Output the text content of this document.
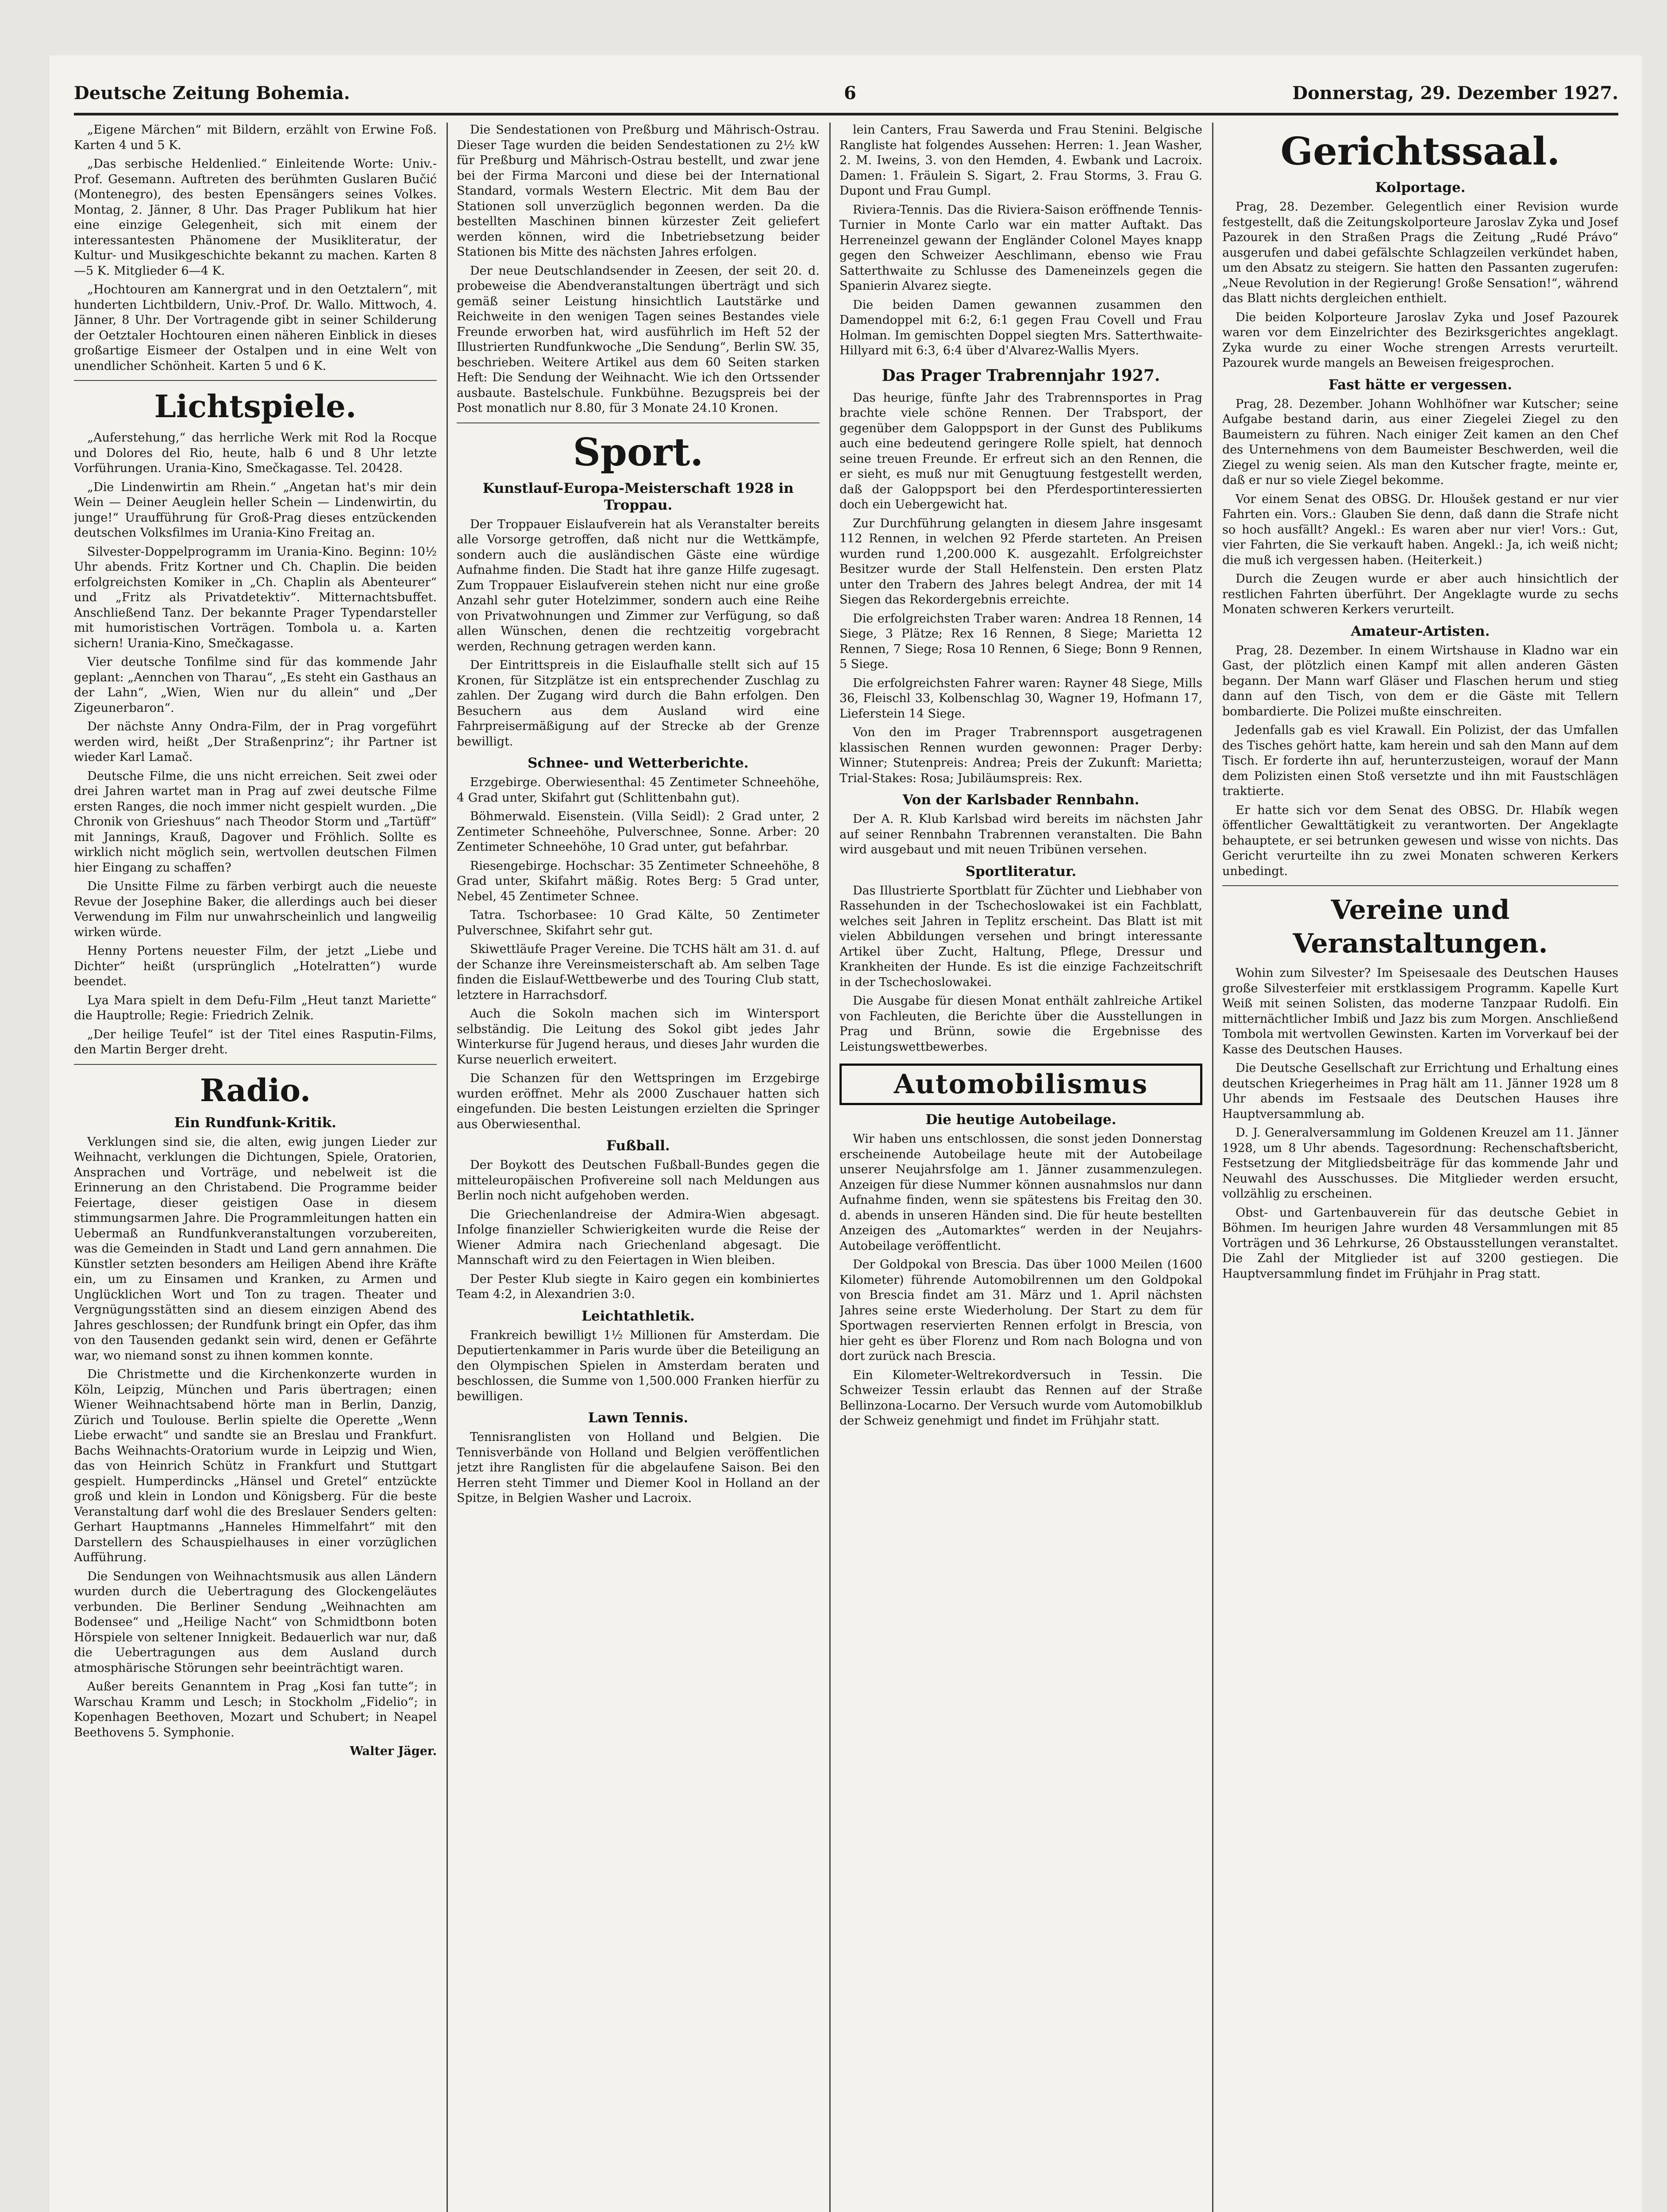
Deutsche Zeitung Bohemia.	6	Donnerstag, 29. Dezember 1927.

„Eigene Märchen“ mit Bildern, erzählt von Erwine Foß. Karten 4 und 5 K.

„Das serbische Heldenlied.“ Einleitende Worte: Univ.-Prof. Gesemann. Auftreten des berühmten Guslaren Bučić (Montenegro), des besten Epensängers seines Volkes. Montag, 2. Jänner, 8 Uhr. Das Prager Publikum hat hier eine einzige Gelegenheit, sich mit einem der interessantesten Phänomene der Musikliteratur, der Kultur- und Musikgeschichte bekannt zu machen. Karten 8—5 K. Mitglieder 6—4 K.

„Hochtouren am Kannergrat und in den Oetztalern“, mit hunderten Lichtbildern, Univ.-Prof. Dr. Wallo. Mittwoch, 4. Jänner, 8 Uhr. Der Vortragende gibt in seiner Schilderung der Oetztaler Hochtouren einen näheren Einblick in dieses großartige Eismeer der Ostalpen und in eine Welt von unendlicher Schönheit. Karten 5 und 6 K.

Lichtspiele.

„Auferstehung,“ das herrliche Werk mit Rod la Rocque und Dolores del Rio, heute, halb 6 und 8 Uhr letzte Vorführungen. Urania-Kino, Smečkagasse. Tel. 20428.

„Die Lindenwirtin am Rhein.“ „Angetan hat's mir dein Wein — Deiner Aeuglein heller Schein — Lindenwirtin, du junge!“ Uraufführung für Groß-Prag dieses entzückenden deutschen Volksfilmes im Urania-Kino Freitag an.

Silvester-Doppelprogramm im Urania-Kino. Beginn: 10½ Uhr abends. Fritz Kortner und Ch. Chaplin. Die beiden erfolgreichsten Komiker in „Ch. Chaplin als Abenteurer“ und „Fritz als Privatdetektiv“. Mitternachtsbuffet. Anschließend Tanz. Der bekannte Prager Typendarsteller mit humoristischen Vorträgen. Tombola u. a. Karten sichern! Urania-Kino, Smečkagasse.

Vier deutsche Tonfilme sind für das kommende Jahr geplant: „Aennchen von Tharau“, „Es steht ein Gasthaus an der Lahn“, „Wien, Wien nur du allein“ und „Der Zigeunerbaron“.

Der nächste Anny Ondra-Film, der in Prag vorgeführt werden wird, heißt „Der Straßenprinz“; ihr Partner ist wieder Karl Lamač.

Deutsche Filme, die uns nicht erreichen. Seit zwei oder drei Jahren wartet man in Prag auf zwei deutsche Filme ersten Ranges, die noch immer nicht gespielt wurden. „Die Chronik von Grieshuus“ nach Theodor Storm und „Tartüff“ mit Jannings, Krauß, Dagover und Fröhlich. Sollte es wirklich nicht möglich sein, wertvollen deutschen Filmen hier Eingang zu schaffen?

Die Unsitte Filme zu färben verbirgt auch die neueste Revue der Josephine Baker, die allerdings auch bei dieser Verwendung im Film nur unwahrscheinlich und langweilig wirken würde.

Henny Portens neuester Film, der jetzt „Liebe und Dichter“ heißt (ursprünglich „Hotelratten“) wurde beendet.

Lya Mara spielt in dem Defu-Film „Heut tanzt Mariette“ die Hauptrolle; Regie: Friedrich Zelnik.

„Der heilige Teufel“ ist der Titel eines Rasputin-Films, den Martin Berger dreht.

Radio.
Ein Rundfunk-Kritik.

Verklungen sind sie, die alten, ewig jungen Lieder zur Weihnacht, verklungen die Dichtungen, Spiele, Oratorien, Ansprachen und Vorträge, und nebelweit ist die Erinnerung an den Christabend. Die Programme beider Feiertage, dieser geistigen Oase in diesem stimmungsarmen Jahre. Die Programmleitungen hatten ein Uebermaß an Rundfunkveranstaltungen vorzubereiten, was die Gemeinden in Stadt und Land gern annahmen. Die Künstler setzten besonders am Heiligen Abend ihre Kräfte ein, um zu Einsamen und Kranken, zu Armen und Unglücklichen Wort und Ton zu tragen. Theater und Vergnügungsstätten sind an diesem einzigen Abend des Jahres geschlossen; der Rundfunk bringt ein Opfer, das ihm von den Tausenden gedankt sein wird, denen er Gefährte war, wo niemand sonst zu ihnen kommen konnte.

Die Christmette und die Kirchenkonzerte wurden in Köln, Leipzig, München und Paris übertragen; einen Wiener Weihnachtsabend hörte man in Berlin, Danzig, Zürich und Toulouse. Berlin spielte die Operette „Wenn Liebe erwacht“ und sandte sie an Breslau und Frankfurt. Bachs Weihnachts-Oratorium wurde in Leipzig und Wien, das von Heinrich Schütz in Frankfurt und Stuttgart gespielt. Humperdincks „Hänsel und Gretel“ entzückte groß und klein in London und Königsberg. Für die beste Veranstaltung darf wohl die des Breslauer Senders gelten: Gerhart Hauptmanns „Hanneles Himmelfahrt“ mit den Darstellern des Schauspielhauses in einer vorzüglichen Aufführung.

Die Sendungen von Weihnachtsmusik aus allen Ländern wurden durch die Uebertragung des Glockengeläutes verbunden. Die Berliner Sendung „Weihnachten am Bodensee“ und „Heilige Nacht“ von Schmidtbonn boten Hörspiele von seltener Innigkeit. Bedauerlich war nur, daß die Uebertragungen aus dem Ausland durch atmosphärische Störungen sehr beeinträchtigt waren.

Außer bereits Genanntem in Prag „Kosi fan tutte“; in Warschau Kramm und Lesch; in Stockholm „Fidelio“; in Kopenhagen Beethoven, Mozart und Schubert; in Neapel Beethovens 5. Symphonie.

Walter Jäger.

Die Sendestationen von Preßburg und Mährisch-Ostrau. Dieser Tage wurden die beiden Sendestationen zu 2½ kW für Preßburg und Mährisch-Ostrau bestellt, und zwar jene bei der Firma Marconi und diese bei der International Standard, vormals Western Electric. Mit dem Bau der Stationen soll unverzüglich begonnen werden. Da die bestellten Maschinen binnen kürzester Zeit geliefert werden können, wird die Inbetriebsetzung beider Stationen bis Mitte des nächsten Jahres erfolgen.

Der neue Deutschlandsender in Zeesen, der seit 20. d. probeweise die Abendveranstaltungen überträgt und sich gemäß seiner Leistung hinsichtlich Lautstärke und Reichweite in den wenigen Tagen seines Bestandes viele Freunde erworben hat, wird ausführlich im Heft 52 der Illustrierten Rundfunkwoche „Die Sendung“, Berlin SW. 35, beschrieben. Weitere Artikel aus dem 60 Seiten starken Heft: Die Sendung der Weihnacht. Wie ich den Ortssender ausbaute. Bastelschule. Funkbühne. Bezugspreis bei der Post monatlich nur 8.80, für 3 Monate 24.10 Kronen.

Sport.
Kunstlauf-Europa-Meisterschaft 1928 in Troppau.

Der Troppauer Eislaufverein hat als Veranstalter bereits alle Vorsorge getroffen, daß nicht nur die Wettkämpfe, sondern auch die ausländischen Gäste eine würdige Aufnahme finden. Die Stadt hat ihre ganze Hilfe zugesagt. Zum Troppauer Eislaufverein stehen nicht nur eine große Anzahl sehr guter Hotelzimmer, sondern auch eine Reihe von Privatwohnungen und Zimmer zur Verfügung, so daß allen Wünschen, denen die rechtzeitig vorgebracht werden, Rechnung getragen werden kann.

Der Eintrittspreis in die Eislaufhalle stellt sich auf 15 Kronen, für Sitzplätze ist ein entsprechender Zuschlag zu zahlen. Der Zugang wird durch die Bahn erfolgen. Den Besuchern aus dem Ausland wird eine Fahrpreisermäßigung auf der Strecke ab der Grenze bewilligt.

Schnee- und Wetterberichte.

Erzgebirge. Oberwiesenthal: 45 Zentimeter Schneehöhe, 4 Grad unter, Skifahrt gut (Schlittenbahn gut).

Böhmerwald. Eisenstein. (Villa Seidl): 2 Grad unter, 2 Zentimeter Schneehöhe, Pulverschnee, Sonne. Arber: 20 Zentimeter Schneehöhe, 10 Grad unter, gut befahrbar.

Riesengebirge. Hochschar: 35 Zentimeter Schneehöhe, 8 Grad unter, Skifahrt mäßig. Rotes Berg: 5 Grad unter, Nebel, 45 Zentimeter Schnee.

Tatra. Tschorbasee: 10 Grad Kälte, 50 Zentimeter Pulverschnee, Skifahrt sehr gut.

Skiwettläufe Prager Vereine. Die TCHS hält am 31. d. auf der Schanze ihre Vereinsmeisterschaft ab. Am selben Tage finden die Eislauf-Wettbewerbe und des Touring Club statt, letztere in Harrachsdorf.

Auch die Sokoln machen sich im Wintersport selbständig. Die Leitung des Sokol gibt jedes Jahr Winterkurse für Jugend heraus, und dieses Jahr wurden die Kurse neuerlich erweitert.

Die Schanzen für den Wettspringen im Erzgebirge wurden eröffnet. Mehr als 2000 Zuschauer hatten sich eingefunden. Die besten Leistungen erzielten die Springer aus Oberwiesenthal.

Fußball.

Der Boykott des Deutschen Fußball-Bundes gegen die mitteleuropäischen Profivereine soll nach Meldungen aus Berlin noch nicht aufgehoben werden.

Die Griechenlandreise der Admira-Wien abgesagt. Infolge finanzieller Schwierigkeiten wurde die Reise der Wiener Admira nach Griechenland abgesagt. Die Mannschaft wird zu den Feiertagen in Wien bleiben.

Der Pester Klub siegte in Kairo gegen ein kombiniertes Team 4:2, in Alexandrien 3:0.

Leichtathletik.

Frankreich bewilligt 1½ Millionen für Amsterdam. Die Deputiertenkammer in Paris wurde über die Beteiligung an den Olympischen Spielen in Amsterdam beraten und beschlossen, die Summe von 1,500.000 Franken hierfür zu bewilligen.

Lawn Tennis.

Tennisranglisten von Holland und Belgien. Die Tennisverbände von Holland und Belgien veröffentlichen jetzt ihre Ranglisten für die abgelaufene Saison. Bei den Herren steht Timmer und Diemer Kool in Holland an der Spitze, in Belgien Washer und Lacroix.

lein Canters, Frau Sawerda und Frau Stenini. Belgische Rangliste hat folgendes Aussehen: Herren: 1. Jean Washer, 2. M. Iweins, 3. von den Hemden, 4. Ewbank und Lacroix. Damen: 1. Fräulein S. Sigart, 2. Frau Storms, 3. Frau G. Dupont und Frau Gumpl.

Riviera-Tennis. Das die Riviera-Saison eröffnende Tennis-Turnier in Monte Carlo war ein matter Auftakt. Das Herreneinzel gewann der Engländer Colonel Mayes knapp gegen den Schweizer Aeschlimann, ebenso wie Frau Satterthwaite zu Schlusse des Dameneinzels gegen die Spanierin Alvarez siegte.

Die beiden Damen gewannen zusammen den Damendoppel mit 6:2, 6:1 gegen Frau Covell und Frau Holman. Im gemischten Doppel siegten Mrs. Satterthwaite-Hillyard mit 6:3, 6:4 über d'Alvarez-Wallis Myers.

Das Prager Trabrennjahr 1927.

Das heurige, fünfte Jahr des Trabrennsportes in Prag brachte viele schöne Rennen. Der Trabsport, der gegenüber dem Galoppsport in der Gunst des Publikums auch eine bedeutend geringere Rolle spielt, hat dennoch seine treuen Freunde. Er erfreut sich an den Rennen, die er sieht, es muß nur mit Genugtuung festgestellt werden, daß der Galoppsport bei den Pferdesportinteressierten doch ein Uebergewicht hat.

Zur Durchführung gelangten in diesem Jahre insgesamt 112 Rennen, in welchen 92 Pferde starteten. An Preisen wurden rund 1,200.000 K. ausgezahlt. Erfolgreichster Besitzer wurde der Stall Helfenstein. Den ersten Platz unter den Trabern des Jahres belegt Andrea, der mit 14 Siegen das Rekordergebnis erreichte.

Die erfolgreichsten Traber waren: Andrea 18 Rennen, 14 Siege, 3 Plätze; Rex 16 Rennen, 8 Siege; Marietta 12 Rennen, 7 Siege; Rosa 10 Rennen, 6 Siege; Bonn 9 Rennen, 5 Siege.

Die erfolgreichsten Fahrer waren: Rayner 48 Siege, Mills 36, Fleischl 33, Kolbenschlag 30, Wagner 19, Hofmann 17, Lieferstein 14 Siege.

Von den im Prager Trabrennsport ausgetragenen klassischen Rennen wurden gewonnen: Prager Derby: Winner; Stutenpreis: Andrea; Preis der Zukunft: Marietta; Trial-Stakes: Rosa; Jubiläumspreis: Rex.

Von der Karlsbader Rennbahn.

Der A. R. Klub Karlsbad wird bereits im nächsten Jahr auf seiner Rennbahn Trabrennen veranstalten. Die Bahn wird ausgebaut und mit neuen Tribünen versehen.

Sportliteratur.

Das Illustrierte Sportblatt für Züchter und Liebhaber von Rassehunden in der Tschechoslowakei ist ein Fachblatt, welches seit Jahren in Teplitz erscheint. Das Blatt ist mit vielen Abbildungen versehen und bringt interessante Artikel über Zucht, Haltung, Pflege, Dressur und Krankheiten der Hunde. Es ist die einzige Fachzeitschrift in der Tschechoslowakei.

Die Ausgabe für diesen Monat enthält zahlreiche Artikel von Fachleuten, die Berichte über die Ausstellungen in Prag und Brünn, sowie die Ergebnisse des Leistungswettbewerbes.

Automobilismus
Die heutige Autobeilage.

Wir haben uns entschlossen, die sonst jeden Donnerstag erscheinende Autobeilage heute mit der Autobeilage unserer Neujahrsfolge am 1. Jänner zusammenzulegen. Anzeigen für diese Nummer können ausnahmslos nur dann Aufnahme finden, wenn sie spätestens bis Freitag den 30. d. abends in unseren Händen sind. Die für heute bestellten Anzeigen des „Automarktes“ werden in der Neujahrs-Autobeilage veröffentlicht.

Der Goldpokal von Brescia. Das über 1000 Meilen (1600 Kilometer) führende Automobilrennen um den Goldpokal von Brescia findet am 31. März und 1. April nächsten Jahres seine erste Wiederholung. Der Start zu dem für Sportwagen reservierten Rennen erfolgt in Brescia, von hier geht es über Florenz und Rom nach Bologna und von dort zurück nach Brescia.

Ein Kilometer-Weltrekordversuch in Tessin. Die Schweizer Tessin erlaubt das Rennen auf der Straße Bellinzona-Locarno. Der Versuch wurde vom Automobilklub der Schweiz genehmigt und findet im Frühjahr statt.

Gerichtssaal.
Kolportage.

Prag, 28. Dezember. Gelegentlich einer Revision wurde festgestellt, daß die Zeitungskolporteure Jaroslav Zyka und Josef Pazourek in den Straßen Prags die Zeitung „Rudé Právo“ ausgerufen und dabei gefälschte Schlagzeilen verkündet haben, um den Absatz zu steigern. Sie hatten den Passanten zugerufen: „Neue Revolution in der Regierung! Große Sensation!“, während das Blatt nichts dergleichen enthielt.

Die beiden Kolporteure Jaroslav Zyka und Josef Pazourek waren vor dem Einzelrichter des Bezirksgerichtes angeklagt. Zyka wurde zu einer Woche strengen Arrests verurteilt. Pazourek wurde mangels an Beweisen freigesprochen.

Fast hätte er vergessen.

Prag, 28. Dezember. Johann Wohlhöfner war Kutscher; seine Aufgabe bestand darin, aus einer Ziegelei Ziegel zu den Baumeistern zu führen. Nach einiger Zeit kamen an den Chef des Unternehmens von dem Baumeister Beschwerden, weil die Ziegel zu wenig seien. Als man den Kutscher fragte, meinte er, daß er nur so viele Ziegel bekomme.

Vor einem Senat des OBSG. Dr. Hloušek gestand er nur vier Fahrten ein. Vors.: Glauben Sie denn, daß dann die Strafe nicht so hoch ausfällt? Angekl.: Es waren aber nur vier! Vors.: Gut, vier Fahrten, die Sie verkauft haben. Angekl.: Ja, ich weiß nicht; die muß ich vergessen haben. (Heiterkeit.)

Durch die Zeugen wurde er aber auch hinsichtlich der restlichen Fahrten überführt. Der Angeklagte wurde zu sechs Monaten schweren Kerkers verurteilt.

Amateur-Artisten.

Prag, 28. Dezember. In einem Wirtshause in Kladno war ein Gast, der plötzlich einen Kampf mit allen anderen Gästen begann. Der Mann warf Gläser und Flaschen herum und stieg dann auf den Tisch, von dem er die Gäste mit Tellern bombardierte. Die Polizei mußte einschreiten.

Jedenfalls gab es viel Krawall. Ein Polizist, der das Umfallen des Tisches gehört hatte, kam herein und sah den Mann auf dem Tisch. Er forderte ihn auf, herunterzusteigen, worauf der Mann dem Polizisten einen Stoß versetzte und ihn mit Faustschlägen traktierte.

Er hatte sich vor dem Senat des OBSG. Dr. Hlabík wegen öffentlicher Gewalttätigkeit zu verantworten. Der Angeklagte behauptete, er sei betrunken gewesen und wisse von nichts. Das Gericht verurteilte ihn zu zwei Monaten schweren Kerkers unbedingt.

Vereine und Veranstaltungen.

Wohin zum Silvester? Im Speisesaale des Deutschen Hauses große Silvesterfeier mit erstklassigem Programm. Kapelle Kurt Weiß mit seinen Solisten, das moderne Tanzpaar Rudolfi. Ein mitternächtlicher Imbiß und Jazz bis zum Morgen. Anschließend Tombola mit wertvollen Gewinsten. Karten im Vorverkauf bei der Kasse des Deutschen Hauses.

Die Deutsche Gesellschaft zur Errichtung und Erhaltung eines deutschen Kriegerheimes in Prag hält am 11. Jänner 1928 um 8 Uhr abends im Festsaale des Deutschen Hauses ihre Hauptversammlung ab.

D. J. Generalversammlung im Goldenen Kreuzel am 11. Jänner 1928, um 8 Uhr abends. Tagesordnung: Rechenschaftsbericht, Festsetzung der Mitgliedsbeiträge für das kommende Jahr und Neuwahl des Ausschusses. Die Mitglieder werden ersucht, vollzählig zu erscheinen.

Obst- und Gartenbauverein für das deutsche Gebiet in Böhmen. Im heurigen Jahre wurden 48 Versammlungen mit 85 Vorträgen und 36 Lehrkurse, 26 Obstausstellungen veranstaltet. Die Zahl der Mitglieder ist auf 3200 gestiegen. Die Hauptversammlung findet im Frühjahr in Prag statt.
